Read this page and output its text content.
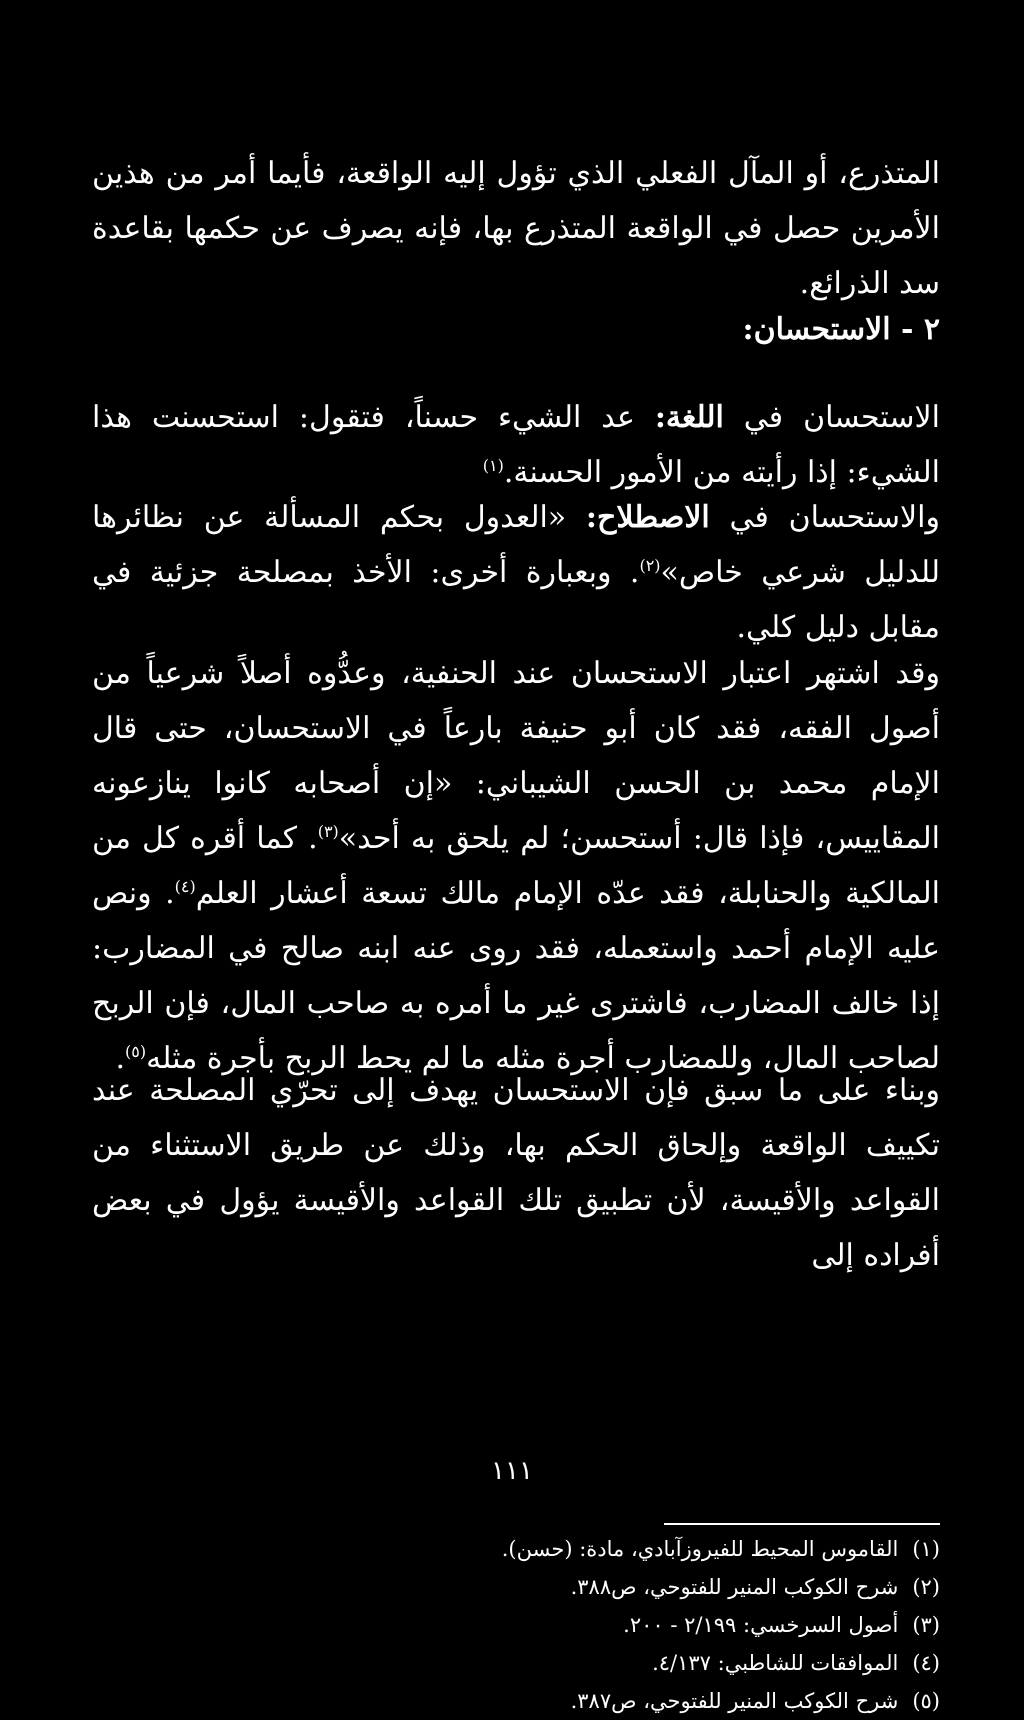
المتذرع، أو المآل الفعلي الذي تؤول إليه الواقعة، فأيما أمر من هذين الأمرين حصل في الواقعة المتذرع بها، فإنه يصرف عن حكمها بقاعدة سد الذرائع.

٢ - الاستحسان:

الاستحسان في اللغة: عد الشيء حسناً، فتقول: استحسنت هذا الشيء: إذا رأيته من الأمور الحسنة.$^{(١)}$

والاستحسان في الاصطلاح: «العدول بحكم المسألة عن نظائرها للدليل شرعي خاص»$^{(٢)}$. وبعبارة أخرى: الأخذ بمصلحة جزئية في مقابل دليل كلي.

وقد اشتهر اعتبار الاستحسان عند الحنفية، وعدُّوه أصلاً شرعياً من أصول الفقه، فقد كان أبو حنيفة بارعاً في الاستحسان، حتى قال الإمام محمد بن الحسن الشيباني: «إن أصحابه كانوا ينازعونه المقاييس، فإذا قال: أستحسن؛ لم يلحق به أحد»$^{(٣)}$. كما أقره كل من المالكية والحنابلة، فقد عدّه الإمام مالك تسعة أعشار العلم$^{(٤)}$. ونص عليه الإمام أحمد واستعمله، فقد روى عنه ابنه صالح في المضارب: إذا خالف المضارب، فاشترى غير ما أمره به صاحب المال، فإن الربح لصاحب المال، وللمضارب أجرة مثله ما لم يحط الربح بأجرة مثله$^{(٥)}$.

وبناء على ما سبق فإن الاستحسان يهدف إلى تحرّي المصلحة عند تكييف الواقعة وإلحاق الحكم بها، وذلك عن طريق الاستثناء من القواعد والأقيسة، لأن تطبيق تلك القواعد والأقيسة يؤول في بعض أفراده إلى

١١١
(١)القاموس المحيط للفيروزآبادي، مادة: (حسن).
(٢)شرح الكوكب المنير للفتوحي، ص٣٨٨.
(٣)أصول السرخسي: ٢/١٩٩ - ٢٠٠.
(٤)الموافقات للشاطبي: ٤/١٣٧.
(٥)شرح الكوكب المنير للفتوحي، ص٣٨٧.
